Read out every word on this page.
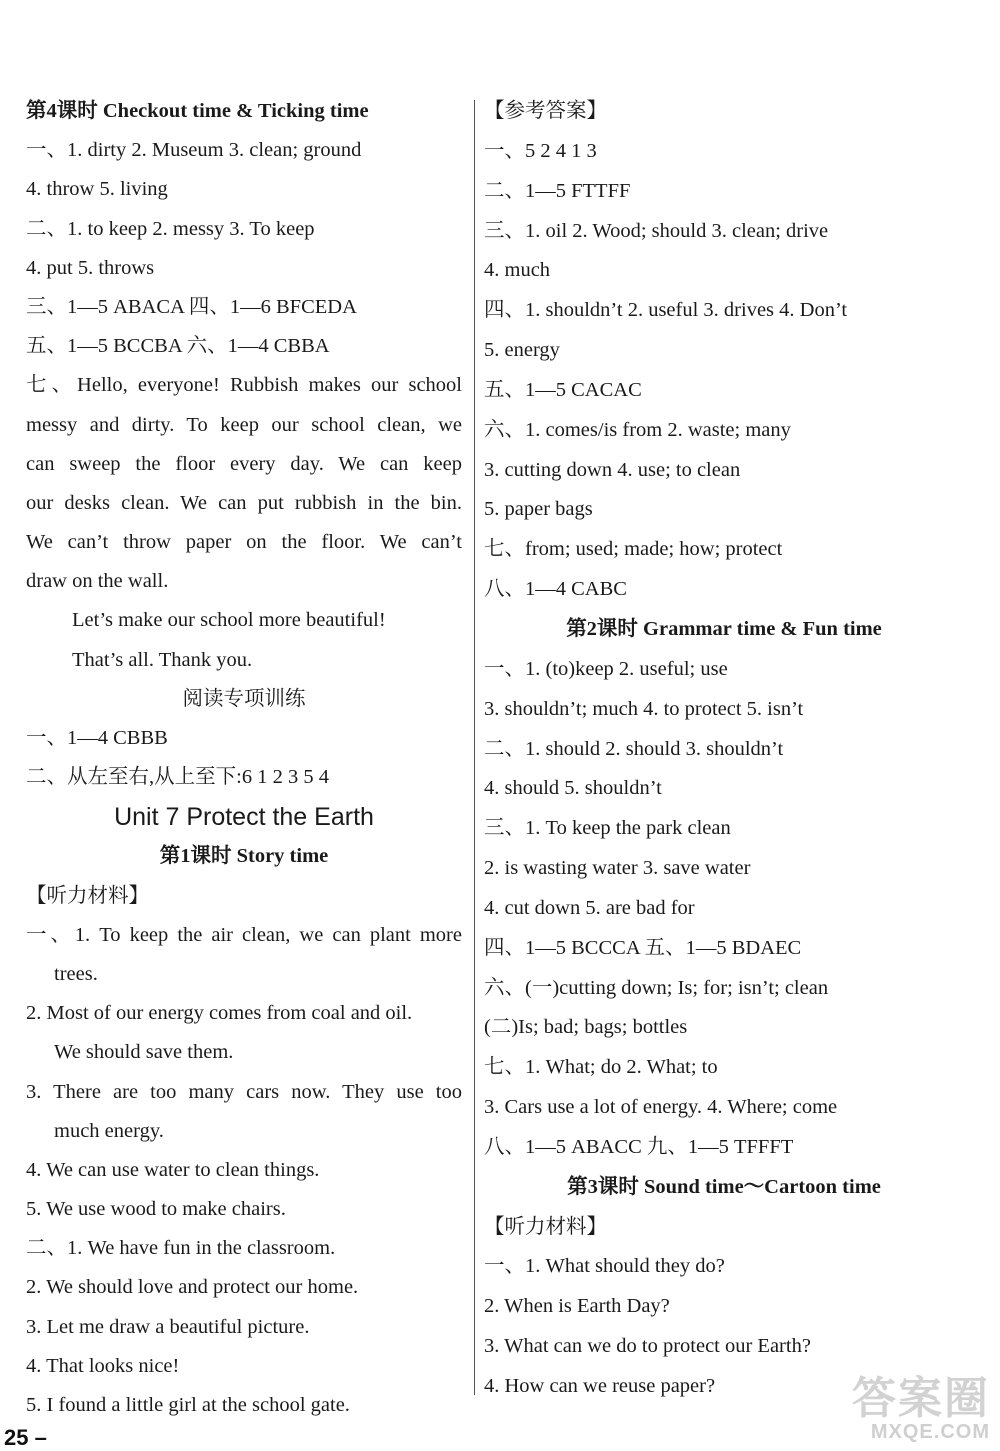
第4课时 Checkout time & Ticking time
一、1. dirty 2. Museum 3. clean; ground
4. throw 5. living
二、1. to keep 2. messy 3. To keep
4. put 5. throws
三、1—5 ABACA 四、1—6 BFCEDA
五、1—5 BCCBA 六、1—4 CBBA
七、Hello, everyone! Rubbish makes our school
messy and dirty. To keep our school clean, we
can sweep the floor every day. We can keep
our desks clean. We can put rubbish in the bin.
We can’t throw paper on the floor. We can’t
draw on the wall.
Let’s make our school more beautiful!
That’s all. Thank you.
阅读专项训练
一、1—4 CBBB
二、从左至右,从上至下:6 1 2 3 5 4
Unit 7 Protect the Earth
第1课时 Story time
【听力材料】
一、1. To keep the air clean, we can plant more
trees.
2. Most of our energy comes from coal and oil.
We should save them.
3. There are too many cars now. They use too
much energy.
4. We can use water to clean things.
5. We use wood to make chairs.
二、1. We have fun in the classroom.
2. We should love and protect our home.
3. Let me draw a beautiful picture.
4. That looks nice!
5. I found a little girl at the school gate.
【参考答案】
一、5 2 4 1 3
二、1—5 FTTFF
三、1. oil 2. Wood; should 3. clean; drive
4. much
四、1. shouldn’t 2. useful 3. drives 4. Don’t
5. energy
五、1—5 CACAC
六、1. comes/is from 2. waste; many
3. cutting down 4. use; to clean
5. paper bags
七、from; used; made; how; protect
八、1—4 CABC
第2课时 Grammar time & Fun time
一、1. (to)keep 2. useful; use
3. shouldn’t; much 4. to protect 5. isn’t
二、1. should 2. should 3. shouldn’t
4. should 5. shouldn’t
三、1. To keep the park clean
2. is wasting water 3. save water
4. cut down 5. are bad for
四、1—5 BCCCA 五、1—5 BDAEC
六、(一)cutting down; Is; for; isn’t; clean
(二)Is; bad; bags; bottles
七、1. What; do 2. What; to
3. Cars use a lot of energy. 4. Where; come
八、1—5 ABACC 九、1—5 TFFFT
第3课时 Sound time～Cartoon time
【听力材料】
一、1. What should they do?
2. When is Earth Day?
3. What can we do to protect our Earth?
4. How can we reuse paper?
25 –
答案圈
MXQE.COM
